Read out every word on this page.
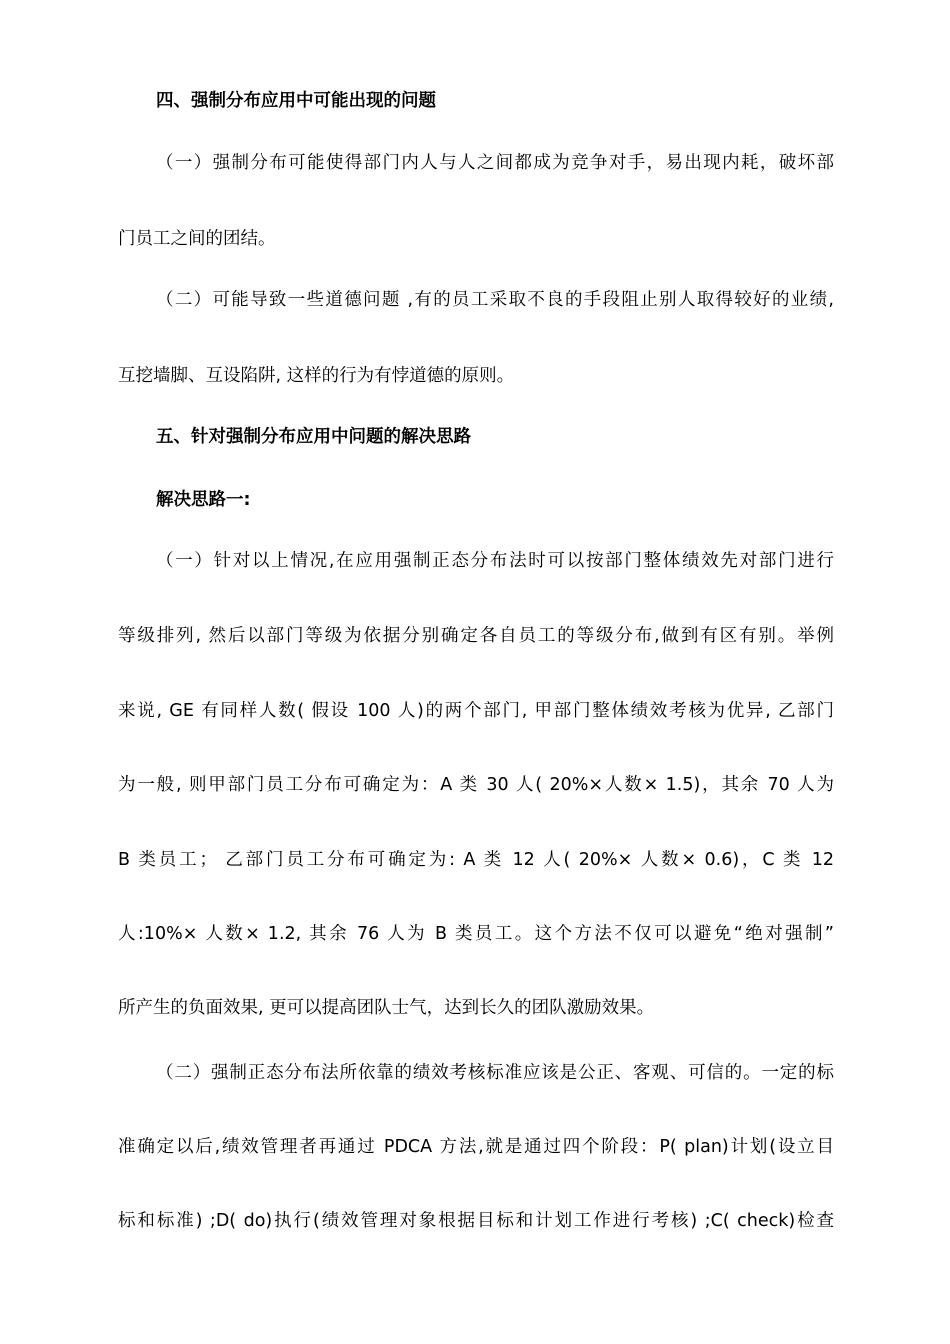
四、强制分布应用中可能出现的问题
（一）强制分布可能使得部门内人与人之间都成为竞争对手，易出现内耗，破坏部
门员工之间的团结。
（二）可能导致一些道德问题 ,有的员工采取不良的手段阻止别人取得较好的业绩,
互挖墙脚、互设陷阱, 这样的行为有悖道德的原则。
五、针对强制分布应用中问题的解决思路
解决思路一:
（一）针对以上情况,在应用强制正态分布法时可以按部门整体绩效先对部门进行
等级排列, 然后以部门等级为依据分别确定各自员工的等级分布,做到有区有别。举例
来说, GE 有同样人数( 假设 100 人)的两个部门, 甲部门整体绩效考核为优异, 乙部门
为一般, 则甲部门员工分布可确定为：A 类 30 人( 20%×人数× 1.5)，其余 70 人为
B 类员工； 乙部门员工分布可确定为: A 类 12 人( 20%× 人数× 0.6)，C 类 12
人:10%× 人数× 1.2, 其余 76 人为 B 类员工。这个方法不仅可以避免“绝对强制”
所产生的负面效果, 更可以提高团队士气，达到长久的团队激励效果。
（二）强制正态分布法所依靠的绩效考核标准应该是公正、客观、可信的。一定的标
准确定以后,绩效管理者再通过 PDCA 方法,就是通过四个阶段：P( plan)计划(设立目
标和标准) ;D( do)执行(绩效管理对象根据目标和计划工作进行考核) ;C( check)检查
